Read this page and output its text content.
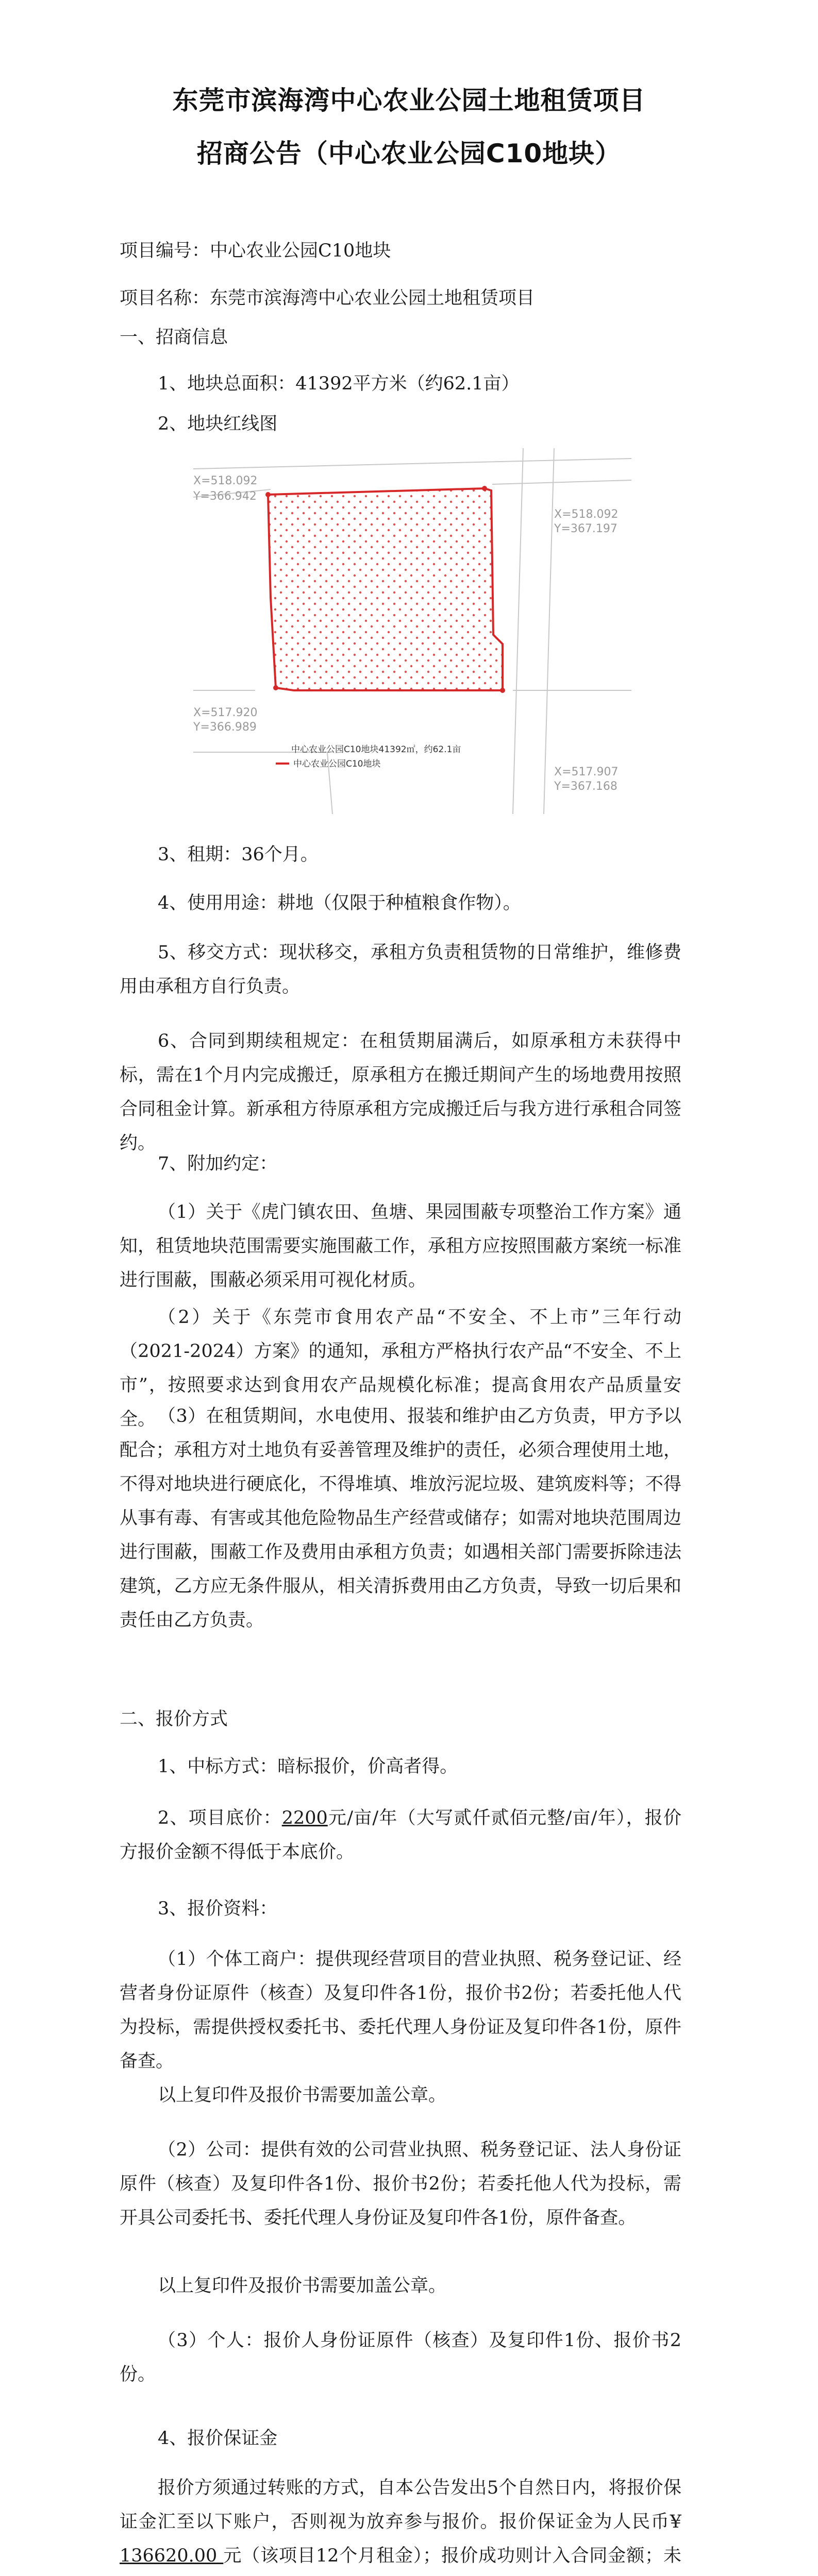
东莞市滨海湾中心农业公园土地租赁项目
招商公告（中心农业公园C10地块）

项目编号：中心农业公园C10地块

项目名称：东莞市滨海湾中心农业公园土地租赁项目

一、招商信息

1、地块总面积：41392平方米（约62.1亩）

2、地块红线图

X=518.092
Y=366.942
X=518.092
Y=367.197
X=517.920
Y=366.989
X=517.907
Y=367.168
中心农业公园C10地块41392㎡，约62.1亩
中心农业公园C10地块

3、租期：36个月。

4、使用用途：耕地（仅限于种植粮食作物）。

5、移交方式：现状移交，承租方负责租赁物的日常维护，维修费用由承租方自行负责。

6、合同到期续租规定：在租赁期届满后，如原承租方未获得中标，需在1个月内完成搬迁，原承租方在搬迁期间产生的场地费用按照合同租金计算。新承租方待原承租方完成搬迁后与我方进行承租合同签约。

7、附加约定：

（1）关于《虎门镇农田、鱼塘、果园围蔽专项整治工作方案》通知，租赁地块范围需要实施围蔽工作，承租方应按照围蔽方案统一标准进行围蔽，围蔽必须采用可视化材质。

（2）关于《东莞市食用农产品“不安全、不上市”三年行动（2021-2024）方案》的通知，承租方严格执行农产品“不安全、不上市”，按照要求达到食用农产品规模化标准；提高食用农产品质量安全。 （3）在租赁期间，水电使用、报装和维护由乙方负责，甲方予以配合；承租方对土地负有妥善管理及维护的责任，必须合理使用土地，不得对地块进行硬底化，不得堆填、堆放污泥垃圾、建筑废料等；不得从事有毒、有害或其他危险物品生产经营或储存；如需对地块范围周边进行围蔽，围蔽工作及费用由承租方负责；如遇相关部门需要拆除违法建筑，乙方应无条件服从，相关清拆费用由乙方负责，导致一切后果和责任由乙方负责。

二、报价方式

1、中标方式：暗标报价，价高者得。

2、项目底价：2200元/亩/年（大写贰仟贰佰元整/亩/年），报价方报价金额不得低于本底价。

3、报价资料：

（1）个体工商户：提供现经营项目的营业执照、税务登记证、经营者身份证原件（核查）及复印件各1份，报价书2份；若委托他人代为投标，需提供授权委托书、委托代理人身份证及复印件各1份，原件备查。

以上复印件及报价书需要加盖公章。

（2）公司：提供有效的公司营业执照、税务登记证、法人身份证原件（核查）及复印件各1份、报价书2份；若委托他人代为投标，需开具公司委托书、委托代理人身份证及复印件各1份，原件备查。

以上复印件及报价书需要加盖公章。

（3）个人：报价人身份证原件（核查）及复印件1份、报价书2份。

4、报价保证金

报价方须通过转账的方式，自本公告发出5个自然日内，将报价保证金汇至以下账户，否则视为放弃参与报价。报价保证金为人民币¥ 136620.00 元（该项目12个月租金）；报价成功则计入合同金额；未
